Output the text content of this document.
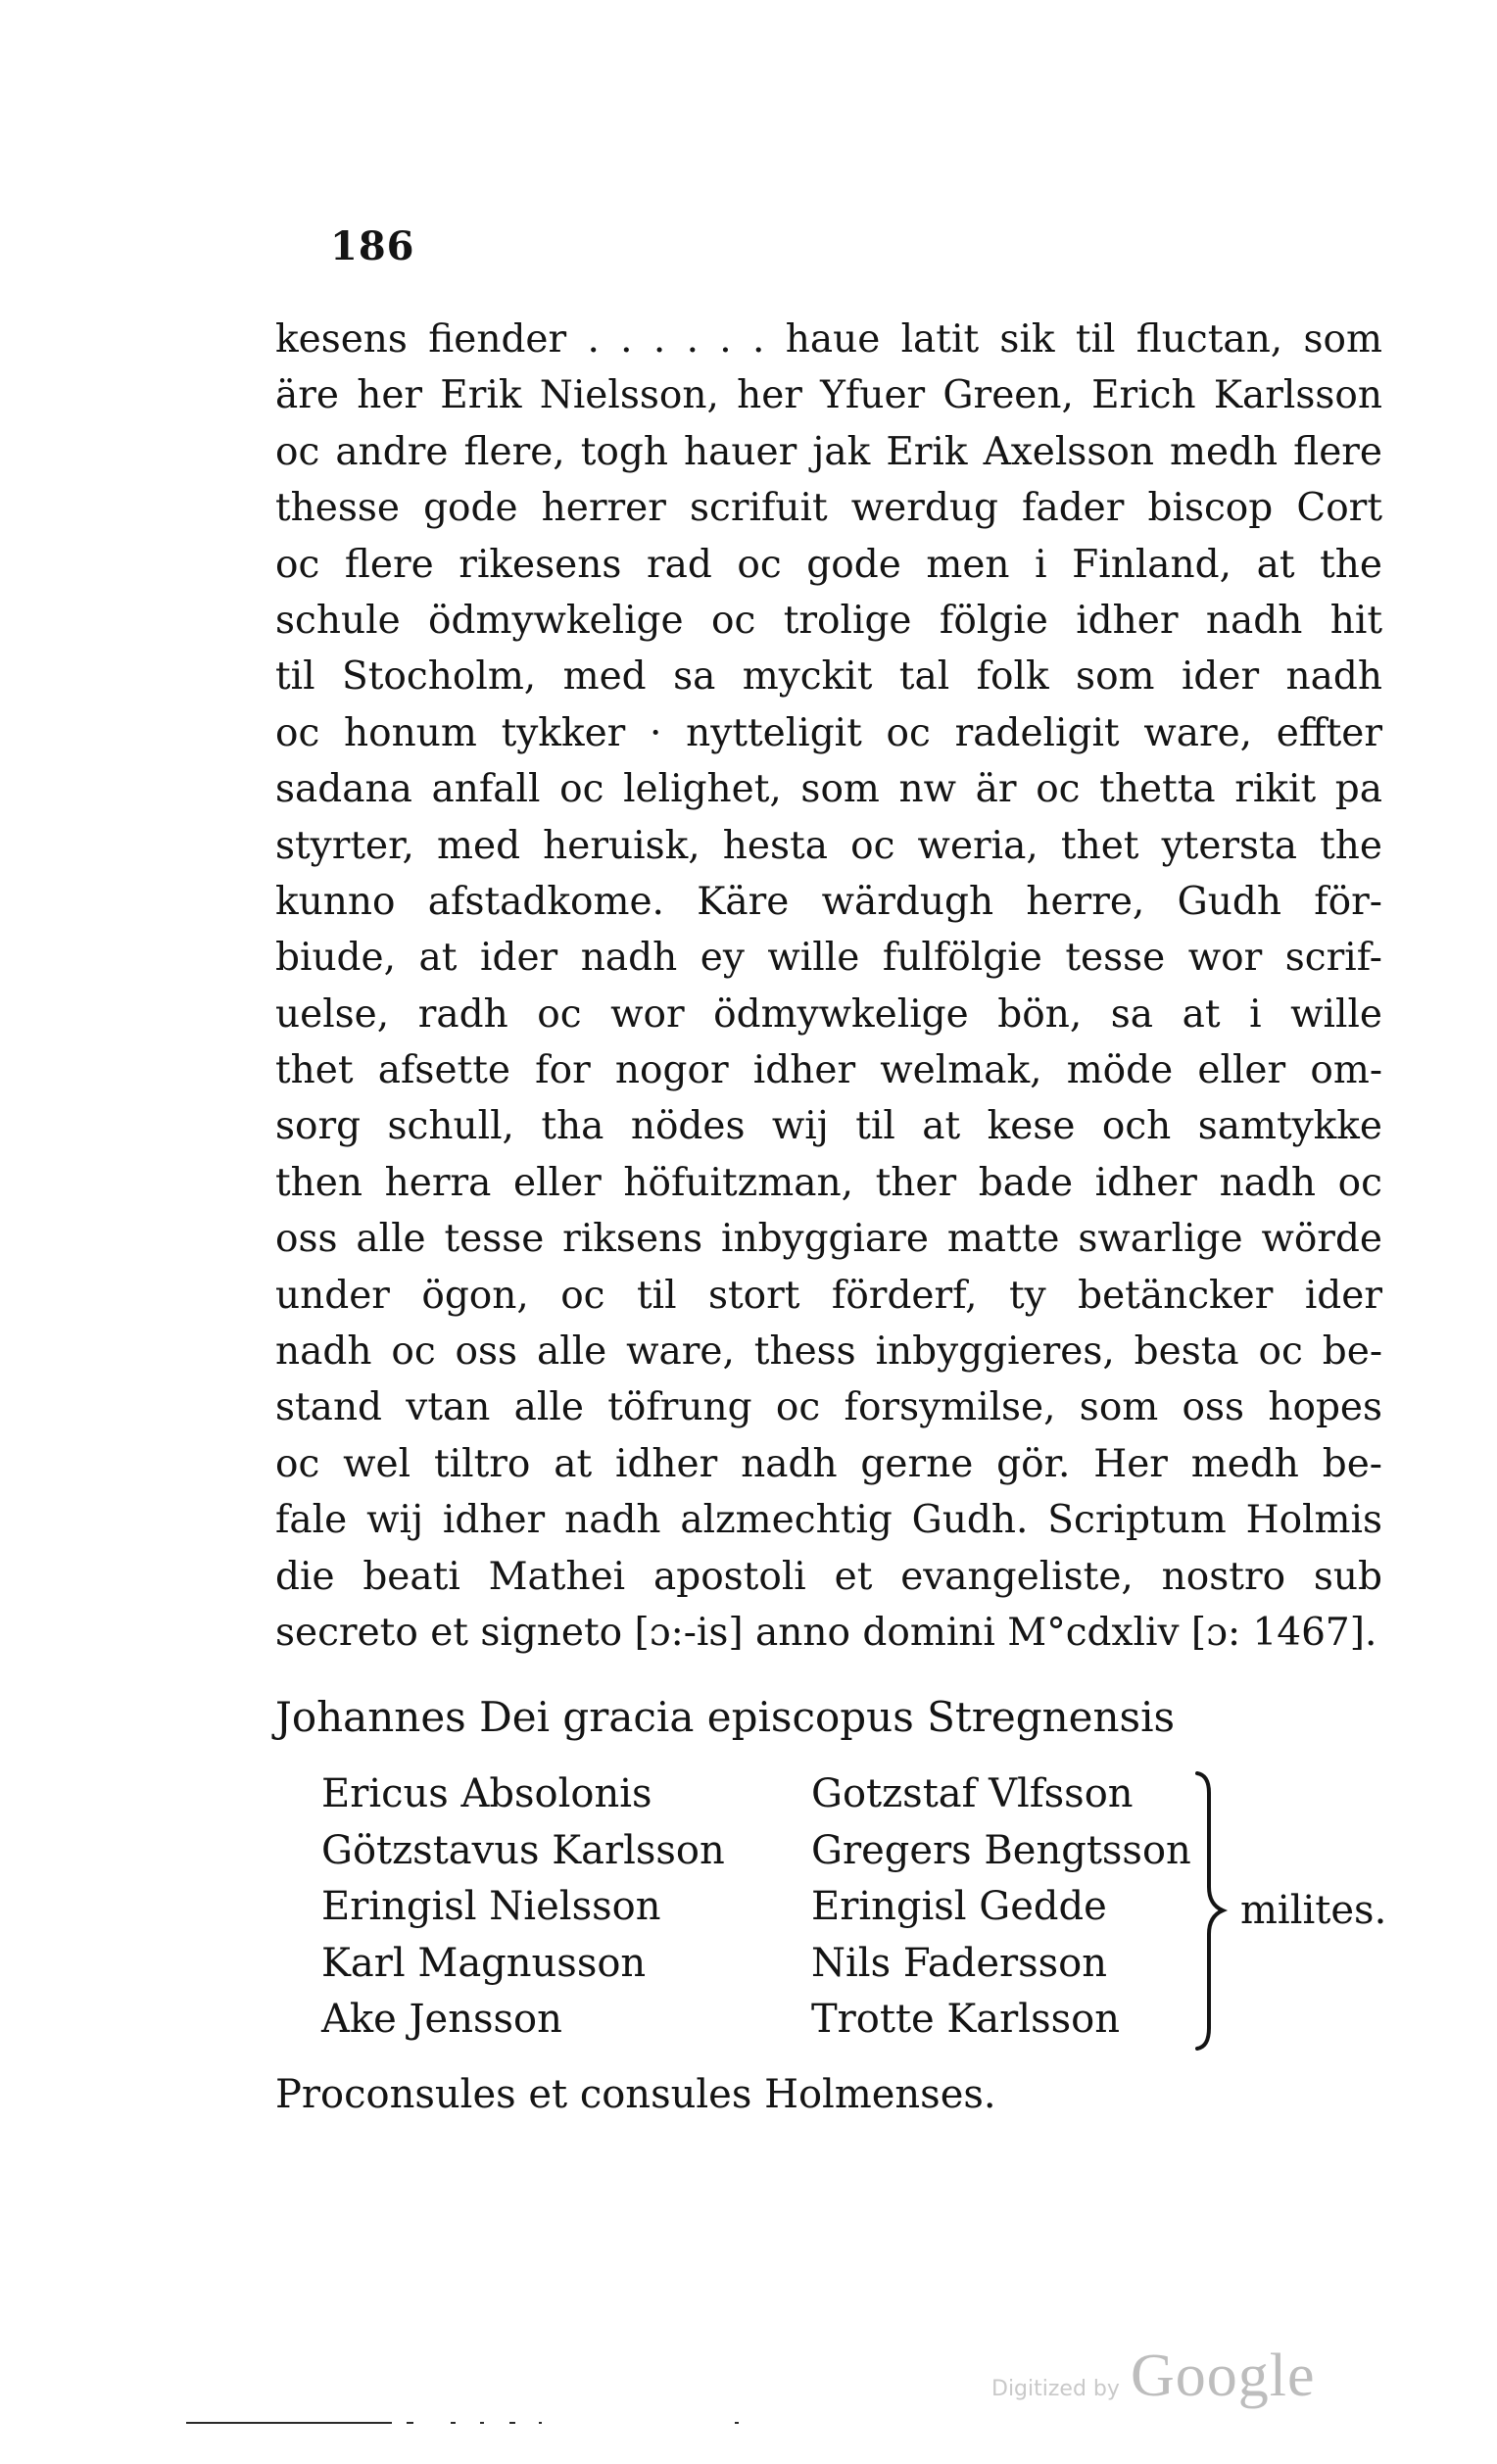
186
kesens fiender . . . . . . haue latit sik til fluctan, som
äre her Erik Nielsson, her Yfuer Green, Erich Karlsson
oc andre flere, togh hauer jak Erik Axelsson medh flere
thesse gode herrer scrifuit werdug fader biscop Cort
oc flere rikesens rad oc gode men i Finland, at the
schule ödmywkelige oc trolige fölgie idher nadh hit
til Stocholm, med sa myckit tal folk som ider nadh
oc honum tykker · nytteligit oc radeligit ware, effter
sadana anfall oc lelighet, som nw är oc thetta rikit pa
styrter, med heruisk, hesta oc weria, thet ytersta the
kunno afstadkome. Käre wärdugh herre, Gudh för-
biude, at ider nadh ey wille fulfölgie tesse wor scrif-
uelse, radh oc wor ödmywkelige bön, sa at i wille
thet afsette for nogor idher welmak, möde eller om-
sorg schull, tha nödes wij til at kese och samtykke
then herra eller höfuitzman, ther bade idher nadh oc
oss alle tesse riksens inbyggiare matte swarlige wörde
under ögon, oc til stort förderf, ty betäncker ider
nadh oc oss alle ware, thess inbyggieres, besta oc be-
stand vtan alle töfrung oc forsymilse, som oss hopes
oc wel tiltro at idher nadh gerne gör. Her medh be-
fale wij idher nadh alzmechtig Gudh. Scriptum Holmis
die beati Mathei apostoli et evangeliste, nostro sub
secreto et signeto [ɔ:-is] anno domini M°cdxliv [ɔ: 1467].
Johannes Dei gracia episcopus Stregnensis
Ericus Absolonis
Götzstavus Karlsson
Eringisl Nielsson
Karl Magnusson
Ake Jensson
Gotzstaf Vlfsson
Gregers Bengtsson
Eringisl Gedde
Nils Fadersson
Trotte Karlsson
milites.
Proconsules et consules Holmenses.
Digitized by Google
